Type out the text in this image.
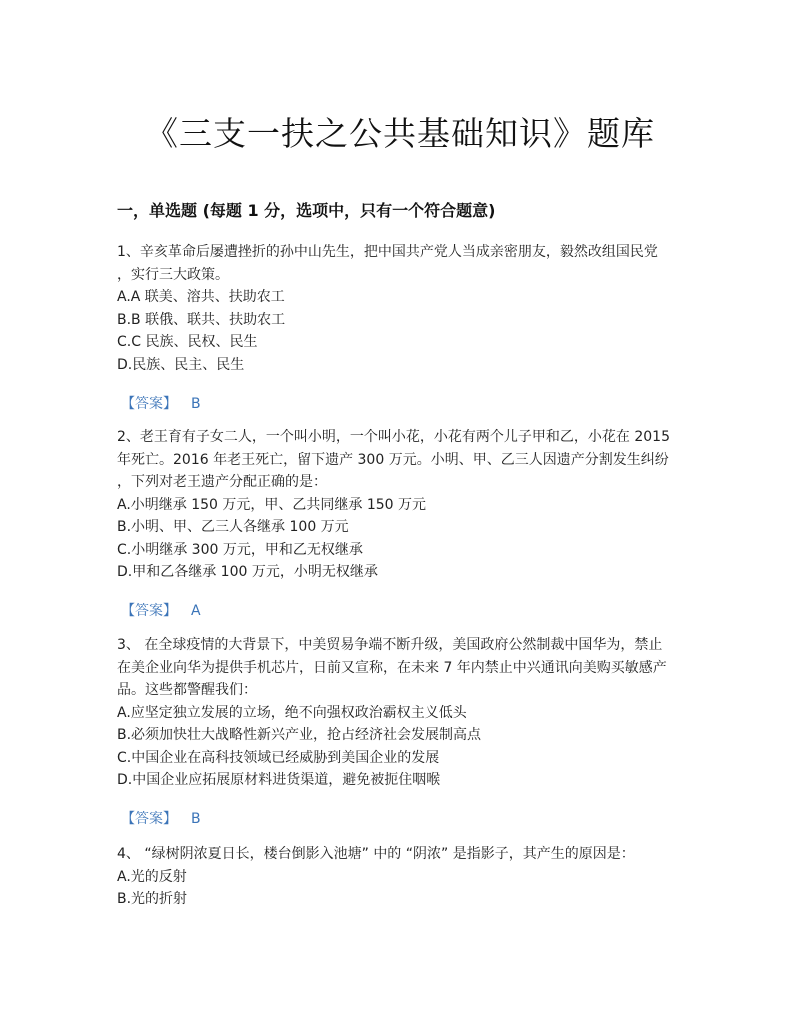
《三支一扶之公共基础知识》题库
一，单选题 (每题 1 分，选项中，只有一个符合题意)

1、辛亥革命后屡遭挫折的孙中山先生，把中国共产党人当成亲密朋友，毅然改组国民党

，实行三大政策。

A.A 联美、溶共、扶助农工

B.B 联俄、联共、扶助农工

C.C 民族、民权、民生

D.民族、民主、民生

【答案】 B

2、老王育有子女二人，一个叫小明，一个叫小花，小花有两个儿子甲和乙，小花在 2015

年死亡。2016 年老王死亡，留下遗产 300 万元。小明、甲、乙三人因遗产分割发生纠纷

，下列对老王遗产分配正确的是：

A.小明继承 150 万元，甲、乙共同继承 150 万元

B.小明、甲、乙三人各继承 100 万元

C.小明继承 300 万元，甲和乙无权继承

D.甲和乙各继承 100 万元，小明无权继承

【答案】 A

3、 在全球疫情的大背景下，中美贸易争端不断升级，美国政府公然制裁中国华为，禁止

在美企业向华为提供手机芯片，日前又宣称，在未来 7 年内禁止中兴通讯向美购买敏感产

品。这些都警醒我们：

A.应坚定独立发展的立场，绝不向强权政治霸权主义低头

B.必须加快壮大战略性新兴产业，抢占经济社会发展制高点

C.中国企业在高科技领域已经威胁到美国企业的发展

D.中国企业应拓展原材料进货渠道，避免被扼住咽喉

【答案】 B

4、 “绿树阴浓夏日长，楼台倒影入池塘” 中的 “阴浓” 是指影子，其产生的原因是：

A.光的反射

B.光的折射
